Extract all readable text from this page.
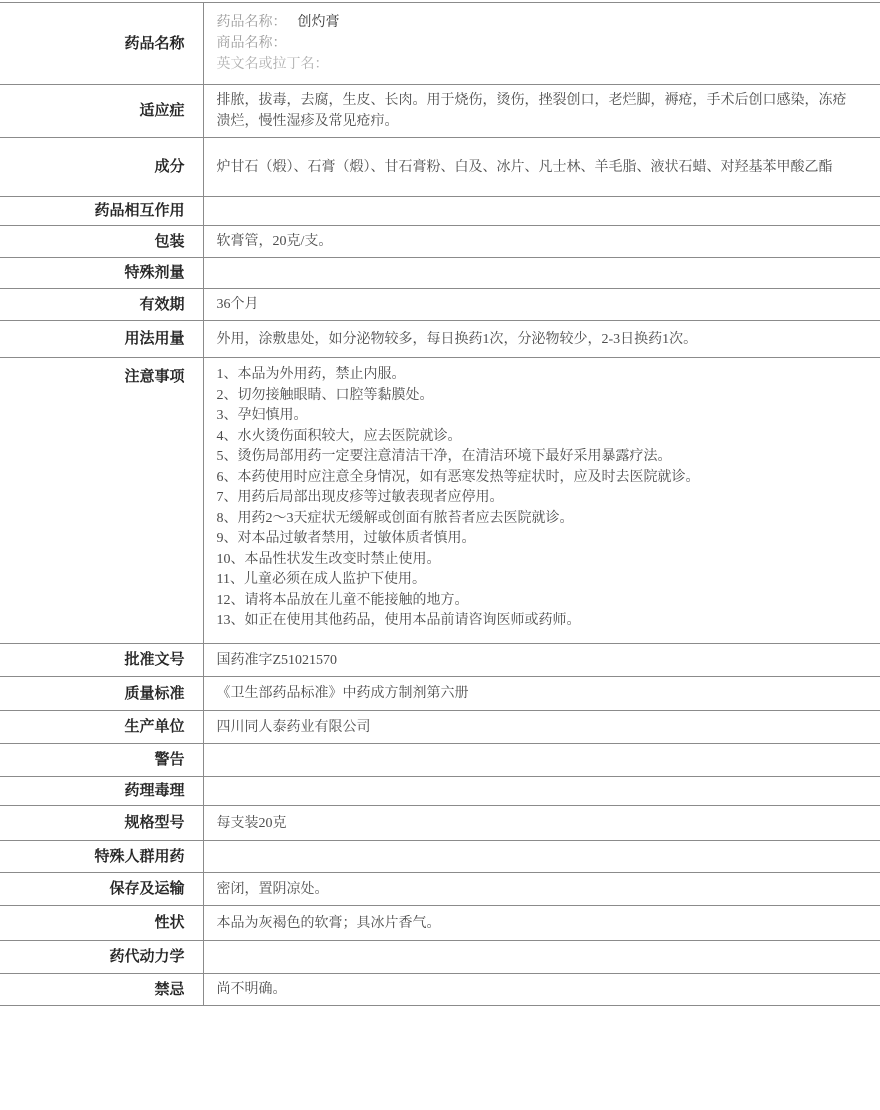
药品名称	药品名称： 创灼膏
商品名称：
英文名或拉丁名：

适应症	排脓，拔毒，去腐，生皮、长肉。用于烧伤，烫伤，挫裂创口，老烂脚，褥疮，手术后创口感染，冻疮溃烂，慢性湿疹及常见疮疖。
成分	炉甘石（煅）、石膏（煅）、甘石膏粉、白及、冰片、凡士林、羊毛脂、液状石蜡、对羟基苯甲酸乙酯
药品相互作用	
包装	软膏管，20克/支。
特殊剂量	
有效期	36个月
用法用量	外用，涂敷患处，如分泌物较多，每日换药1次，分泌物较少，2-3日换药1次。
注意事项	1、本品为外用药，禁止内服。
2、切勿接触眼睛、口腔等黏膜处。
3、孕妇慎用。
4、水火烫伤面积较大，应去医院就诊。
5、烫伤局部用药一定要注意清洁干净，在清洁环境下最好采用暴露疗法。
6、本药使用时应注意全身情况，如有恶寒发热等症状时，应及时去医院就诊。
7、用药后局部出现皮疹等过敏表现者应停用。
8、用药2～3天症状无缓解或创面有脓苔者应去医院就诊。
9、对本品过敏者禁用，过敏体质者慎用。
10、本品性状发生改变时禁止使用。
11、儿童必须在成人监护下使用。
12、请将本品放在儿童不能接触的地方。
13、如正在使用其他药品，使用本品前请咨询医师或药师。

批准文号	国药准字Z51021570
质量标准	《卫生部药品标准》中药成方制剂第六册
生产单位	四川同人泰药业有限公司
警告	
药理毒理	
规格型号	每支装20克
特殊人群用药	
保存及运输	密闭，置阴凉处。
性状	本品为灰褐色的软膏；具冰片香气。
药代动力学	
禁忌	尚不明确。
